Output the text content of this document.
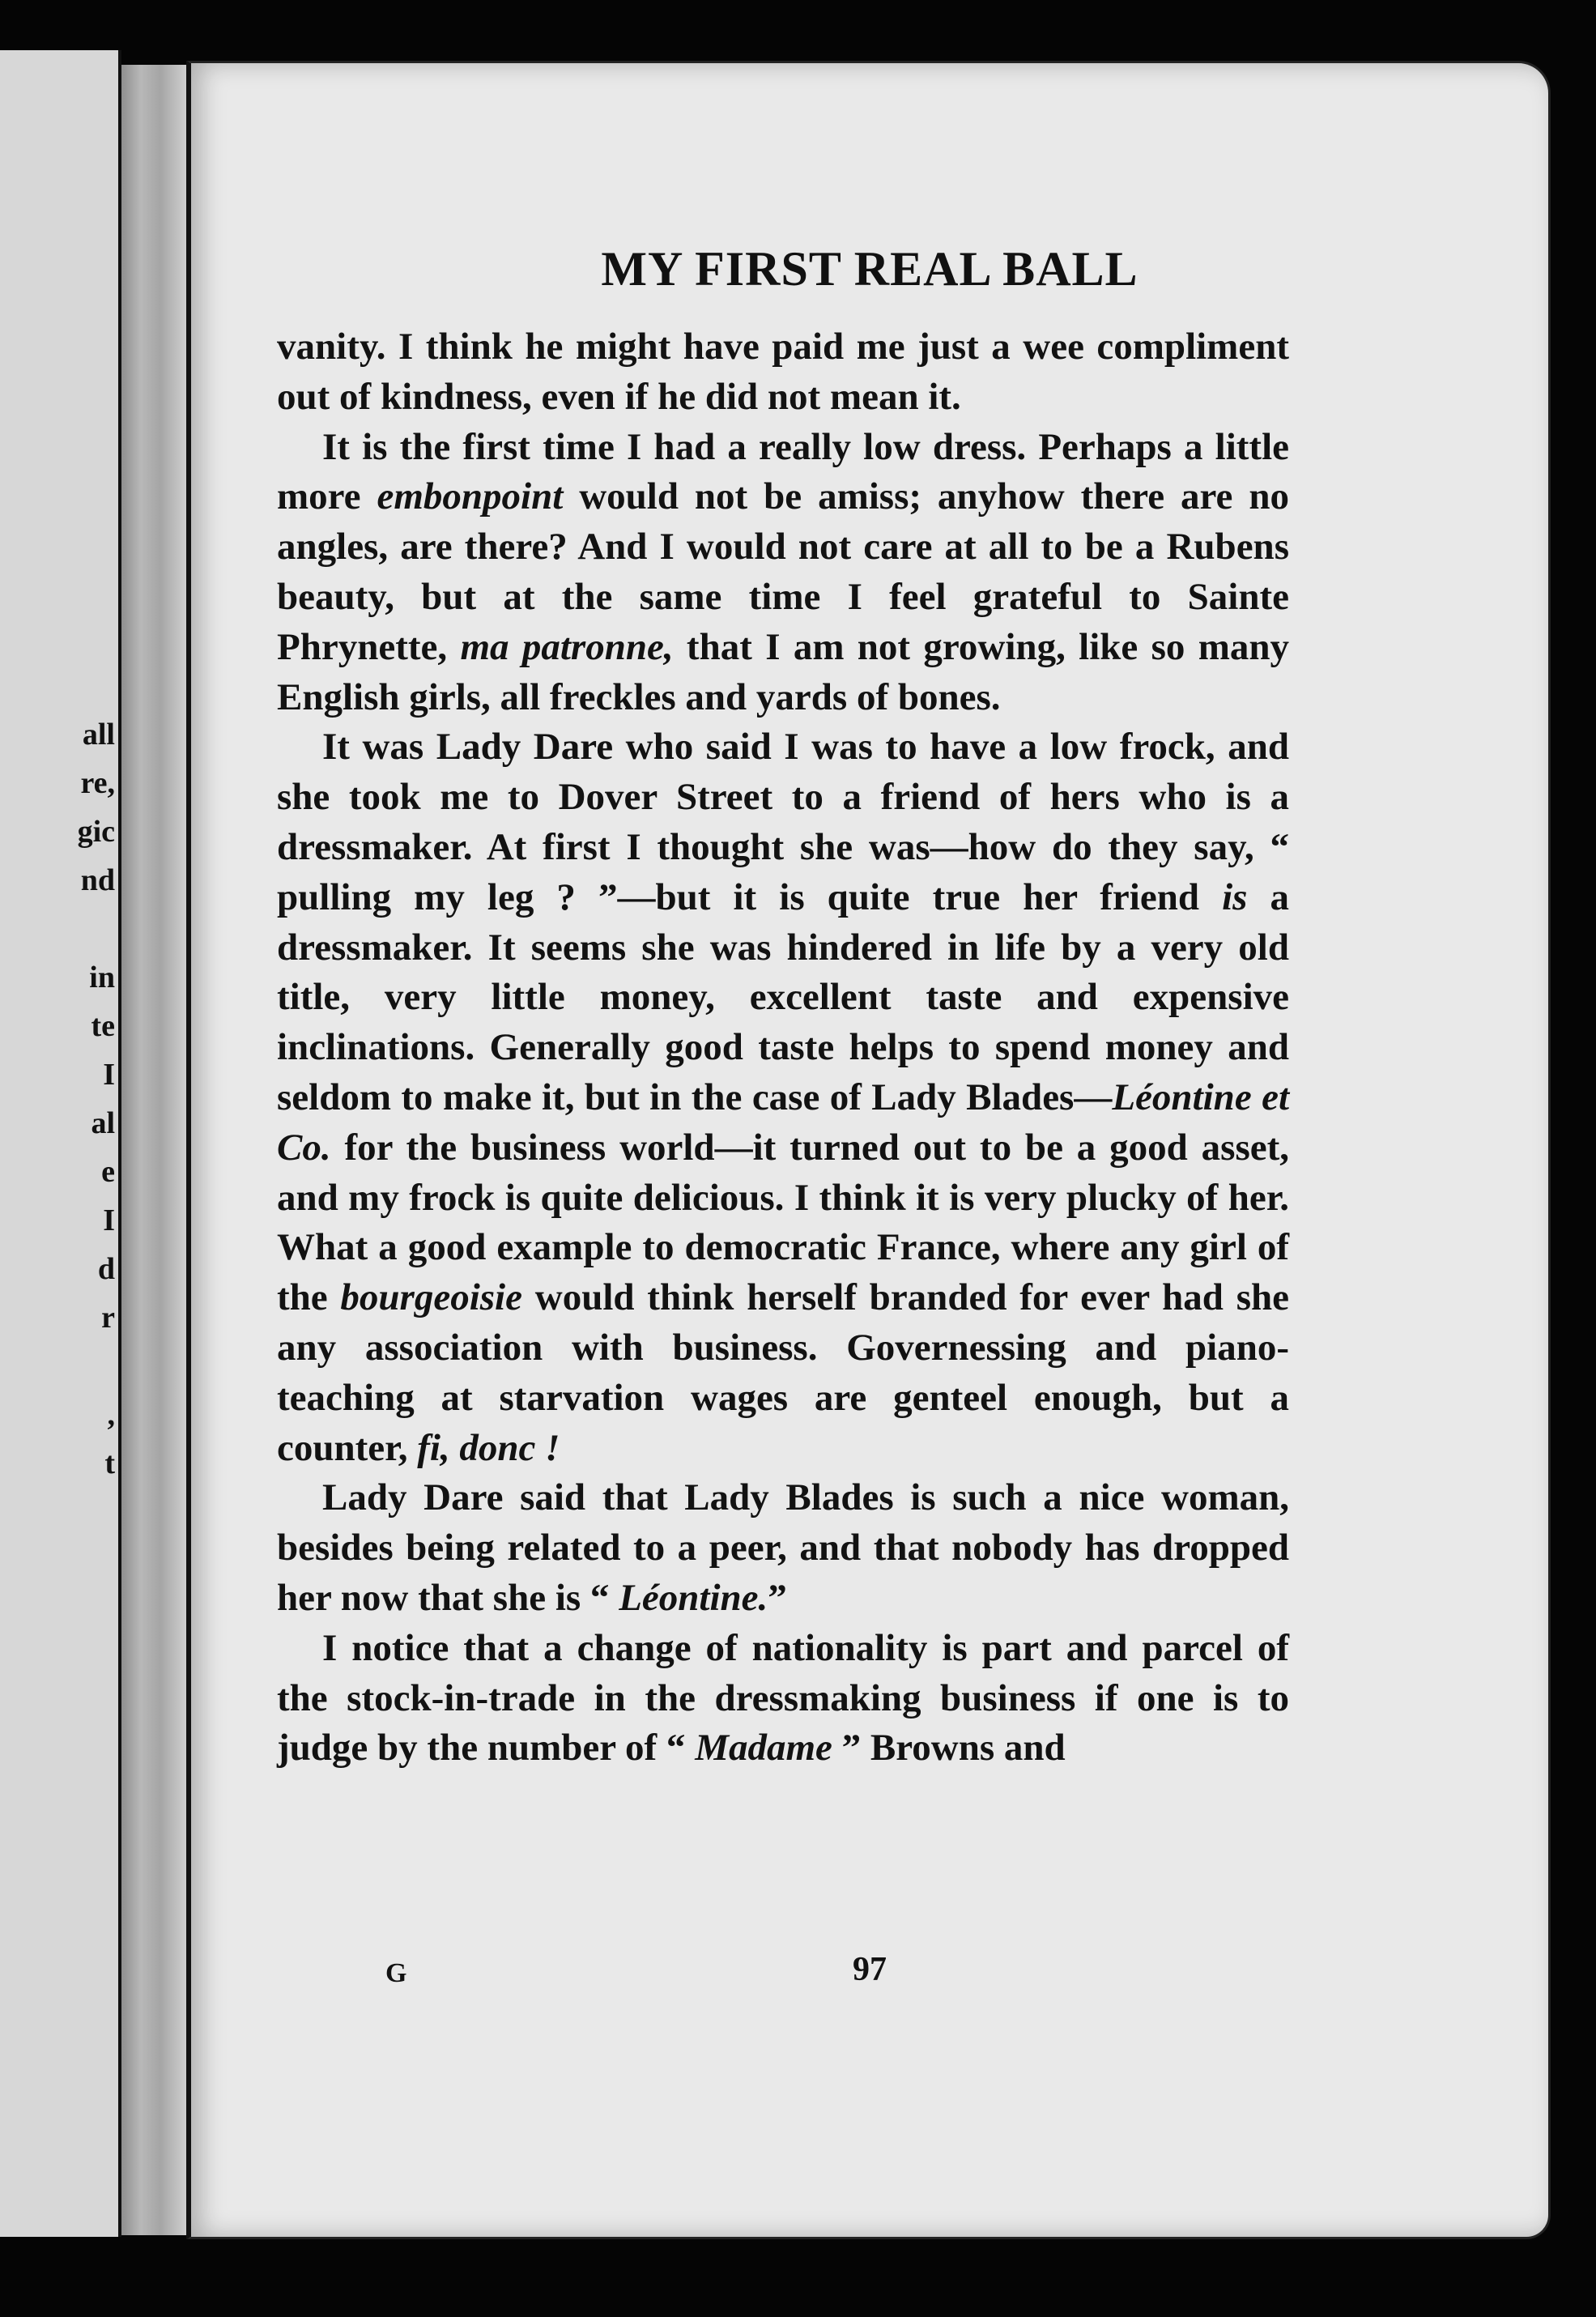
all
re,
gic
nd
in
te
I
al
e
I
d
r
,
t
MY FIRST REAL BALL

vanity. I think he might have paid me just a wee compliment out of kindness, even if he did not mean it.

It is the first time I had a really low dress. Perhaps a little more embonpoint would not be amiss; anyhow there are no angles, are there? And I would not care at all to be a Rubens beauty, but at the same time I feel grateful to Sainte Phrynette, ma patronne, that I am not growing, like so many English girls, all freckles and yards of bones.

It was Lady Dare who said I was to have a low frock, and she took me to Dover Street to a friend of hers who is a dressmaker. At first I thought she was—how do they say, “ pulling my leg ? ”—but it is quite true her friend is a dressmaker. It seems she was hindered in life by a very old title, very little money, excellent taste and expensive inclinations. Generally good taste helps to spend money and seldom to make it, but in the case of Lady Blades—Léontine et Co. for the business world—it turned out to be a good asset, and my frock is quite delicious. I think it is very plucky of her. What a good example to democratic France, where any girl of the bourgeoisie would think herself branded for ever had she any association with business. Governessing and piano-teaching at starvation wages are genteel enough, but a counter, fi, donc !

Lady Dare said that Lady Blades is such a nice woman, besides being related to a peer, and that nobody has dropped her now that she is “ Léontine.”

I notice that a change of nationality is part and parcel of the stock-in-trade in the dressmaking business if one is to judge by the number of “ Madame ” Browns and

G	97
